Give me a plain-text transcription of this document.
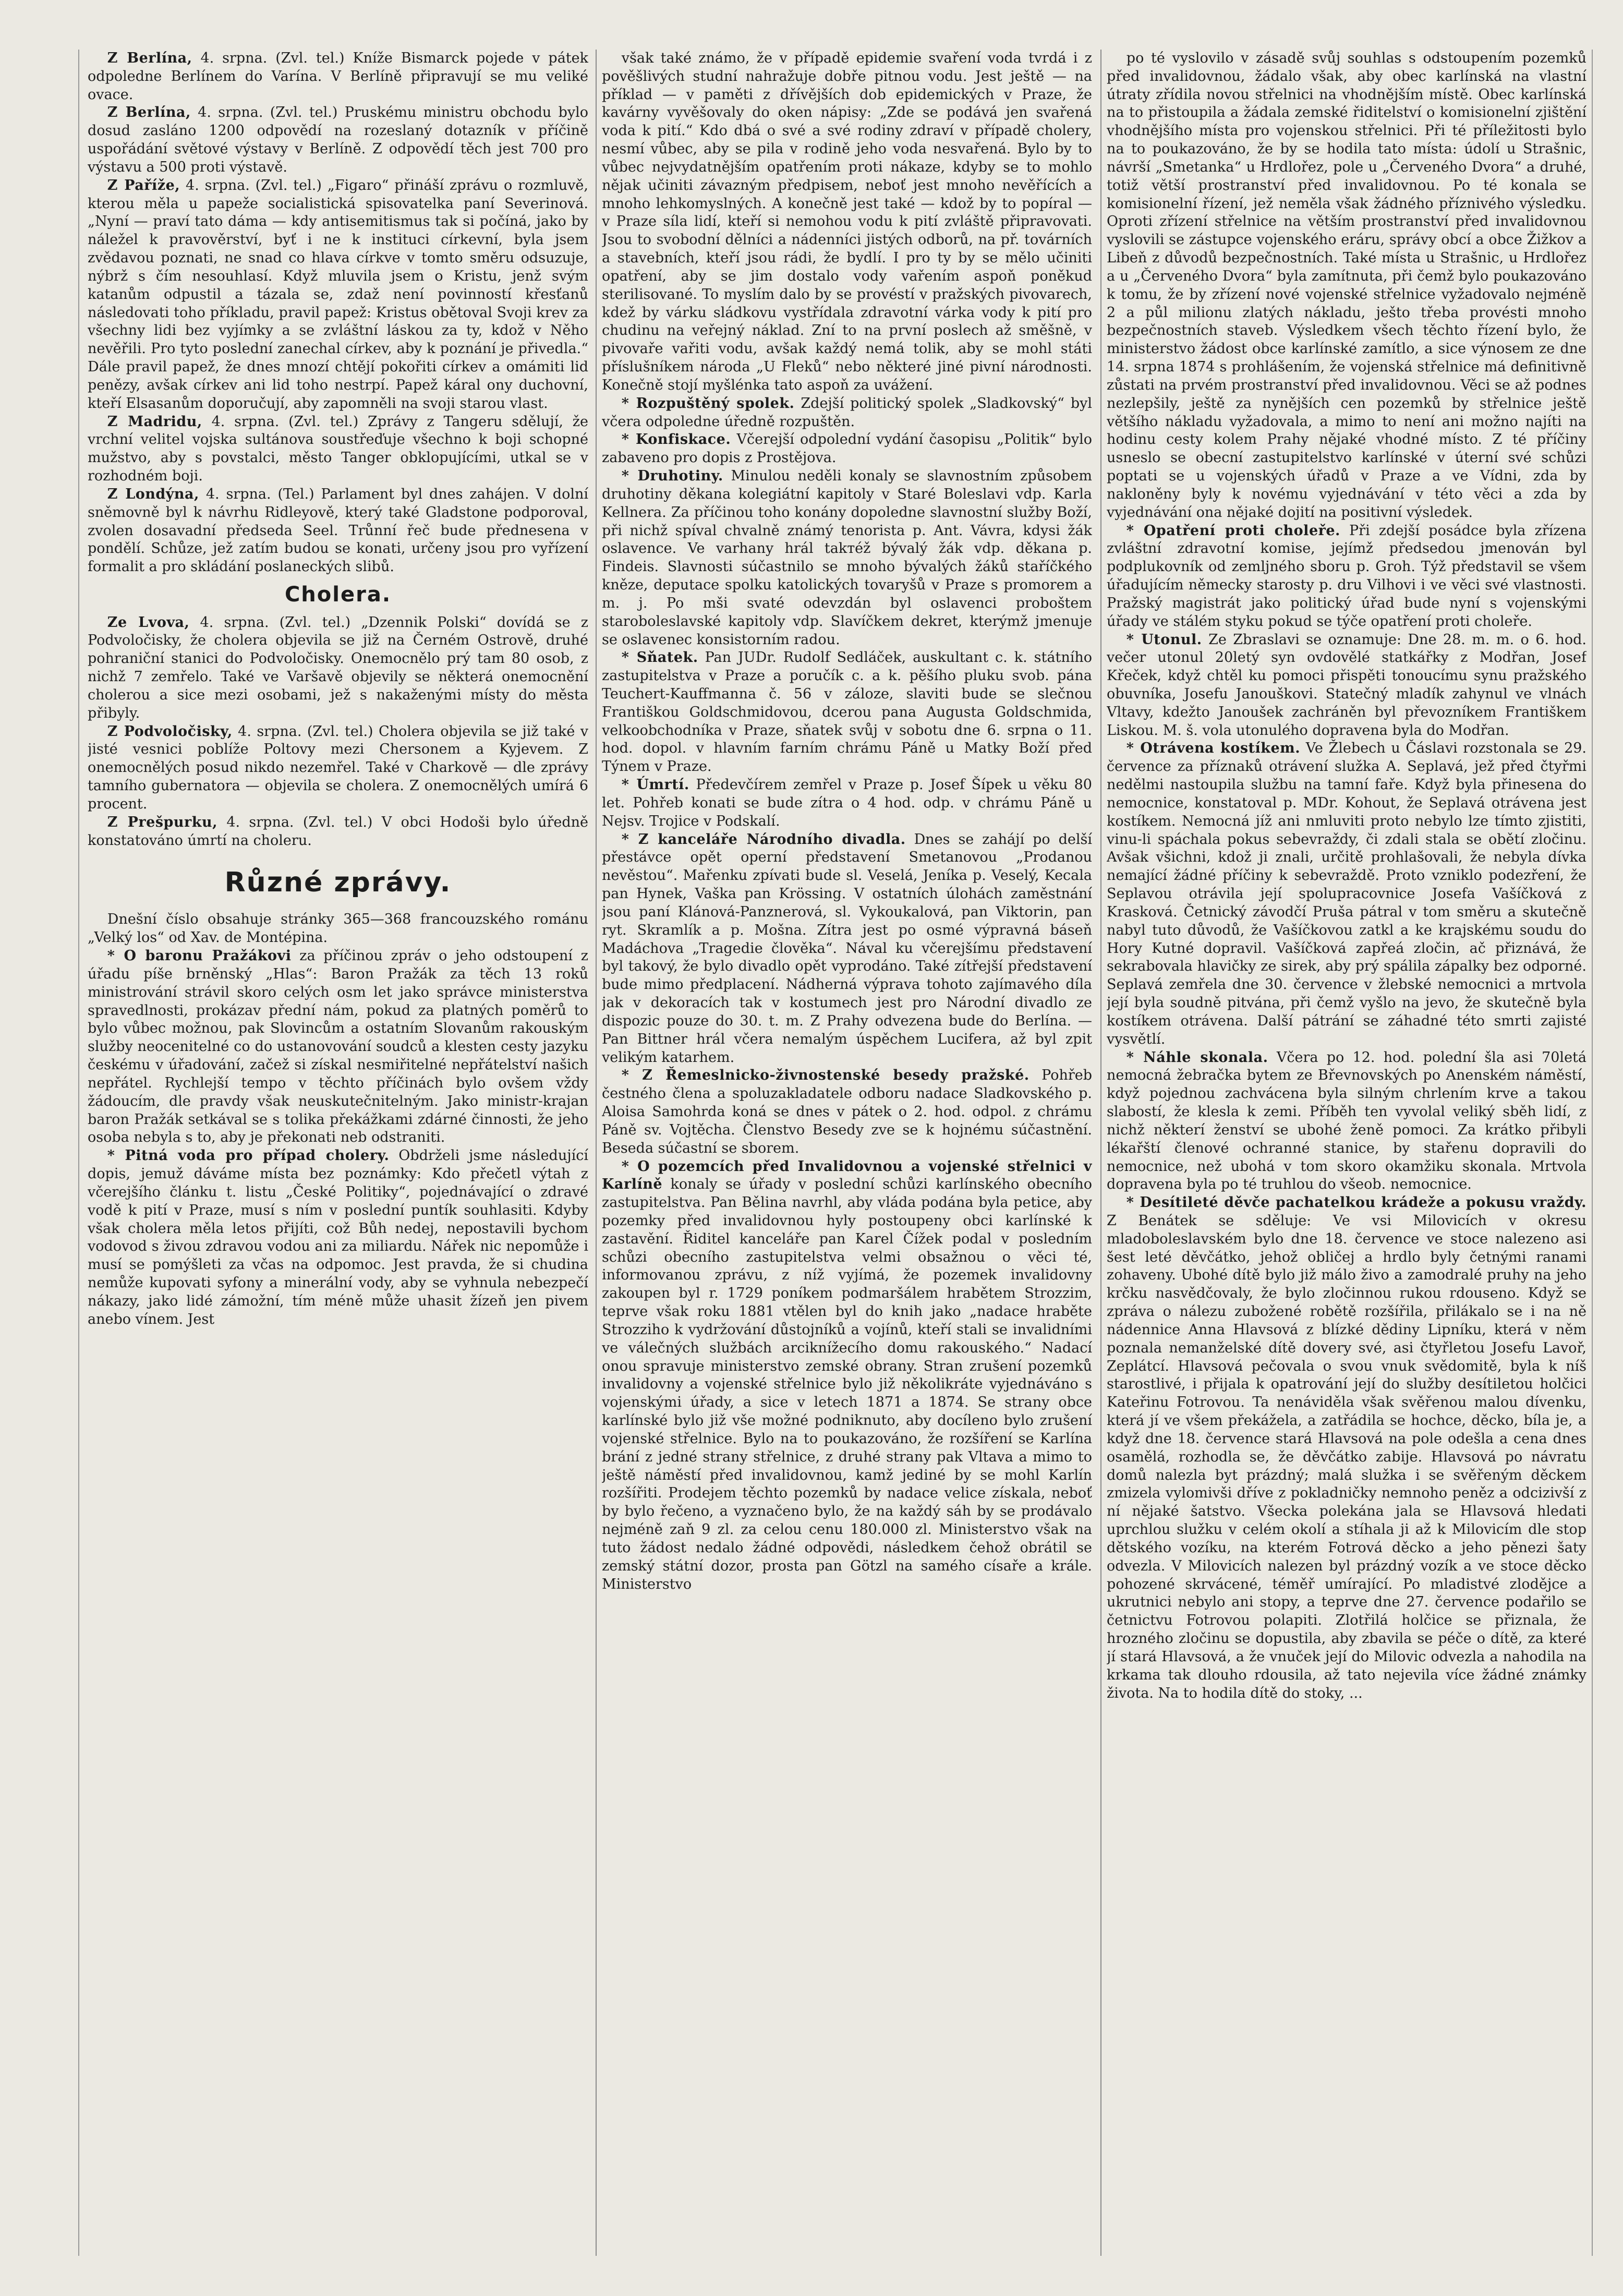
Z Berlína, 4. srpna. (Zvl. tel.) Kníže Bismarck pojede v pátek odpoledne Berlínem do Varína. V Berlíně připravují se mu veliké ovace.

Z Berlína, 4. srpna. (Zvl. tel.) Pruskému ministru obchodu bylo dosud zasláno 1200 odpovědí na rozeslaný dotazník v příčině uspořádání světové výstavy v Berlíně. Z odpovědí těch jest 700 pro výstavu a 500 proti výstavě.

Z Paříže, 4. srpna. (Zvl. tel.) „Figaro“ přináší zprávu o rozmluvě, kterou měla u papeže socialistická spisovatelka paní Severinová. „Nyní — praví tato dáma — kdy antisemitismus tak si počíná, jako by náležel k pravověrství, byť i ne k instituci církevní, byla jsem zvědavou poznati, ne snad co hlava církve v tomto směru odsuzuje, nýbrž s čím nesouhlasí. Když mluvila jsem o Kristu, jenž svým katanům odpustil a tázala se, zdaž není povinností křesťanů následovati toho příkladu, pravil papež: Kristus obětoval Svoji krev za všechny lidi bez vyjímky a se zvláštní láskou za ty, kdož v Něho nevěřili. Pro tyto poslední zanechal církev, aby k poznání je přivedla.“ Dále pravil papež, že dnes mnozí chtějí pokořiti církev a omámiti lid penězy, avšak církev ani lid toho nestrpí. Papež káral ony duchovní, kteří Elsasanům doporučují, aby zapomněli na svoji starou vlast.

Z Madridu, 4. srpna. (Zvl. tel.) Zprávy z Tangeru sdělují, že vrchní velitel vojska sultánova soustřeďuje všechno k boji schopné mužstvo, aby s povstalci, město Tanger obklopujícími, utkal se v rozhodném boji.

Z Londýna, 4. srpna. (Tel.) Parlament byl dnes zahájen. V dolní sněmovně byl k návrhu Ridleyově, který také Gladstone podporoval, zvolen dosavadní předseda Seel. Trůnní řeč bude přednesena v pondělí. Schůze, jež zatím budou se konati, určeny jsou pro vyřízení formalit a pro skládání poslaneckých slibů.

Cholera.

Ze Lvova, 4. srpna. (Zvl. tel.) „Dzennik Polski“ dovídá se z Podvoločisky, že cholera objevila se již na Černém Ostrově, druhé pohraniční stanici do Podvoločisky. Onemocnělo prý tam 80 osob, z nichž 7 zemřelo. Také ve Varšavě objevily se některá onemocnění cholerou a sice mezi osobami, jež s nakaženými místy do města přibyly.

Z Podvoločisky, 4. srpna. (Zvl. tel.) Cholera objevila se již také v jisté vesnici poblíže Poltovy mezi Chersonem a Kyjevem. Z onemocnělých posud nikdo nezemřel. Také v Charkově — dle zprávy tamního gubernatora — objevila se cholera. Z onemocnělých umírá 6 procent.

Z Prešpurku, 4. srpna. (Zvl. tel.) V obci Hodoši bylo úředně konstatováno úmrtí na choleru.

Různé zprávy.

Dnešní číslo obsahuje stránky 365—368 francouzského románu „Velký los“ od Xav. de Montépina.

* O baronu Pražákovi za příčinou zpráv o jeho odstoupení z úřadu píše brněnský „Hlas“: Baron Pražák za těch 13 roků ministrování strávil skoro celých osm let jako správce ministerstva spravedlnosti, prokázav přední nám, pokud za platných poměrů to bylo vůbec možnou, pak Slovincům a ostatním Slovanům rakouským služby neocenitelné co do ustanovování soudců a klesten cesty jazyku českému v úřadování, začež si získal nesmiřitelné nepřátelství našich nepřátel. Rychlejší tempo v těchto příčinách bylo ovšem vždy žádoucím, dle pravdy však neuskutečnitelným. Jako ministr-krajan baron Pražák setkával se s tolika překážkami zdárné činnosti, že jeho osoba nebyla s to, aby je překonati neb odstraniti.

* Pitná voda pro případ cholery. Obdrželi jsme následující dopis, jemuž dáváme místa bez poznámky: Kdo přečetl výtah z včerejšího článku t. listu „České Politiky“, pojednávající o zdravé vodě k pití v Praze, musí s ním v poslední puntík souhlasiti. Kdyby však cholera měla letos přijíti, což Bůh nedej, nepostavili bychom vodovod s živou zdravou vodou ani za miliardu. Nářek nic nepomůže i musí se pomýšleti za včas na odpomoc. Jest pravda, že si chudina nemůže kupovati syfony a minerální vody, aby se vyhnula nebezpečí nákazy, jako lidé zámožní, tím méně může uhasit žízeň jen pivem anebo vínem. Jest

však také známo, že v případě epidemie svaření voda tvrdá i z pověšlivých studní nahražuje dobře pitnou vodu. Jest ještě — na příklad — v paměti z dřívějších dob epidemických v Praze, že kavárny vyvěšovaly do oken nápisy: „Zde se podává jen svařená voda k pití.“ Kdo dbá o své a své rodiny zdraví v případě cholery, nesmí vůbec, aby se pila v rodině jeho voda nesvařená. Bylo by to vůbec nejvydatnějším opatřením proti nákaze, kdyby se to mohlo nějak učiniti závazným předpisem, neboť jest mnoho nevěřících a mnoho lehkomyslných. A konečně jest také — kdož by to popíral — v Praze síla lidí, kteří si nemohou vodu k pití zvláště připravovati. Jsou to svobodní dělníci a nádenníci jistých odborů, na př. továrních a stavebních, kteří jsou rádi, že bydlí. I pro ty by se mělo učiniti opatření, aby se jim dostalo vody vařením aspoň poněkud sterilisované. To myslím dalo by se provéstí v pražských pivovarech, kdež by várku sládkovu vystřídala zdravotní várka vody k pití pro chudinu na veřejný náklad. Zní to na první poslech až směšně, v pivovaře vařiti vodu, avšak každý nemá tolik, aby se mohl státi příslušníkem národa „U Fleků“ nebo některé jiné pivní národnosti. Konečně stojí myšlénka tato aspoň za uvážení.

* Rozpuštěný spolek. Zdejší politický spolek „Sladkovský“ byl včera odpoledne úředně rozpuštěn.

* Konfiskace. Včerejší odpolední vydání časopisu „Politik“ bylo zabaveno pro dopis z Prostějova.

* Druhotiny. Minulou neděli konaly se slavnostním způsobem druhotiny děkana kolegiátní kapitoly v Staré Boleslavi vdp. Karla Kellnera. Za příčinou toho konány dopoledne slavnostní služby Boží, při nichž spíval chvalně známý tenorista p. Ant. Vávra, kdysi žák oslavence. Ve varhany hrál takтéž bývalý žák vdp. děkana p. Findeis. Slavnosti súčastnilo se mnoho bývalých žáků staříčkého kněze, deputace spolku katolických tovaryšů v Praze s promorem a m. j. Po mši svaté odevzdán byl oslavenci proboštem staroboleslavské kapitoly vdp. Slavíčkem dekret, kterýmž jmenuje se oslavenec konsistorním radou.

* Sňatek. Pan JUDr. Rudolf Sedláček, auskultant c. k. státního zastupitelstva v Praze a poručík c. a k. pěšího pluku svob. pána Teuchert-Kauffmanna č. 56 v záloze, slaviti bude se slečnou Františkou Goldschmidovou, dcerou pana Augusta Goldschmida, velkoobchodníka v Praze, sňatek svůj v sobotu dne 6. srpna o 11. hod. dopol. v hlavním farním chrámu Páně u Matky Boží před Týnem v Praze.

* Úmrtí. Předevčírem zemřel v Praze p. Josef Šípek u věku 80 let. Pohřeb konati se bude zítra o 4 hod. odp. v chrámu Páně u Nejsv. Trojice v Podskalí.

* Z kanceláře Národního divadla. Dnes se zahájí po delší přestávce opět operní představení Smetanovou „Prodanou nevěstou“. Mařenku zpívati bude sl. Veselá, Jeníka p. Veselý, Kecala pan Hynek, Vaška pan Krössing. V ostatních úlohách zaměstnání jsou paní Klánová-Panznerová, sl. Vykoukalová, pan Viktorin, pan ryt. Skramlík a p. Mošna. Zítra jest po osmé výpravná báseň Madáchova „Tragedie člověka“. Nával ku včerejšímu představení byl takový, že bylo divadlo opět vyprodáno. Také zítřejší představení bude mimo předplacení. Nádherná výprava tohoto zajímavého díla jak v dekoracích tak v kostumech jest pro Národní divadlo ze dispozic pouze do 30. t. m. Z Prahy odvezena bude do Berlína. — Pan Bittner hrál včera nemalým úspěchem Lucifera, až byl zpit velikým katarhem.

* Z Řemeslnicko-živnostenské besedy pražské. Pohřeb čestného člena a spoluzakladatele odboru nadace Sladkovského p. Aloisa Samohrda koná se dnes v pátek o 2. hod. odpol. z chrámu Páně sv. Vojtěcha. Členstvo Besedy zve se k hojnému súčastnění. Beseda súčastní se sborem.

* O pozemcích před Invalidovnou a vojenské střelnici v Karlíně konaly se úřady v poslední schůzi karlínského obecního zastupitelstva. Pan Bělina navrhl, aby vláda podána byla petice, aby pozemky před invalidovnou hyly postoupeny obci karlínské k zastavění. Řiditel kanceláře pan Karel Čížek podal v posledním schůzi obecního zastupitelstva velmi obsažnou o věci té, informovanou zprávu, z níž vyjímá, že pozemek invalidovny zakoupen byl r. 1729 poníkem podmaršálem hrabětem Strozzim, teprve však roku 1881 vtělen byl do knih jako „nadace hraběte Strozziho k vydržování důstojníků a vojínů, kteří stali se invalidními ve válečných službách arciknížecího domu rakouského.“ Nadací onou spravuje ministerstvo zemské obrany. Stran zrušení pozemků invalidovny a vojenské střelnice bylo již několikráte vyjednáváno s vojenskými úřady, a sice v letech 1871 a 1874. Se strany obce karlínské bylo již vše možné podniknuto, aby docíleno bylo zrušení vojenské střelnice. Bylo na to poukazováno, že rozšíření se Karlína brání z jedné strany střelnice, z druhé strany pak Vltava a mimo to ještě náměstí před invalidovnou, kamž jediné by se mohl Karlín rozšířiti. Prodejem těchto pozemků by nadace velice získala, neboť by bylo řečeno, a vyznačeno bylo, že na každý sáh by se prodávalo nejméně zaň 9 zl. za celou cenu 180.000 zl. Ministerstvo však na tuto žádost nedalo žádné odpovědi, následkem čehož obrátil se zemský státní dozor, prosta pan Götzl na samého císaře a krále. Ministerstvo

po té vyslovilo v zásadě svůj souhlas s odstoupením pozemků před invalidovnou, žádalo však, aby obec karlínská na vlastní útraty zřídila novou střelnici na vhodnějším místě. Obec karlínská na to přistoupila a žádala zemské řiditelství o komisionelní zjištění vhodnějšího místa pro vojenskou střelnici. Při té příležitosti bylo na to poukazováno, že by se hodila tato místa: údolí u Strašnic, návrší „Smetanka“ u Hrdlořez, pole u „Červeného Dvora“ a druhé, totiž větší prostranství před invalidovnou. Po té konala se komisionelní řízení, jež neměla však žádného příznivého výsledku. Oproti zřízení střelnice na větším prostranství před invalidovnou vyslovili se zástupce vojenského eráru, správy obcí a obce Žižkov a Libeň z důvodů bezpečnostních. Také místa u Strašnic, u Hrdlořez a u „Červeného Dvora“ byla zamítnuta, při čemž bylo poukazováno k tomu, že by zřízení nové vojenské střelnice vyžadovalo nejméně 2 a půl milionu zlatých nákladu, ješto třeba provésti mnoho bezpečnostních staveb. Výsledkem všech těchto řízení bylo, že ministerstvo žádost obce karlínské zamítlo, a sice výnosem ze dne 14. srpna 1874 s prohlášením, že vojenská střelnice má definitivně zůstati na prvém prostranství před invalidovnou. Věci se až podnes nezlepšily, ještě za nynějších cen pozemků by střelnice ještě většího nákladu vyžadovala, a mimo to není ani možno najíti na hodinu cesty kolem Prahy nějaké vhodné místo. Z té příčiny usneslo se obecní zastupitelstvo karlínské v úterní své schůzi poptati se u vojenských úřadů v Praze a ve Vídni, zda by nakloněny byly k novému vyjednávání v této věci a zda by vyjednávání ona nějaké dojití na positivní výsledek.

* Opatření proti choleře. Při zdejší posádce byla zřízena zvláštní zdravotní komise, jejímž předsedou jmenován byl podplukovník od zemljného sboru p. Groh. Týž představil se všem úřadujícím německy starosty p. dru Vilhovi i ve věci své vlastnosti. Pražský magistrát jako politický úřad bude nyní s vojenskými úřady ve stálém styku pokud se týče opatření proti choleře.

* Utonul. Ze Zbraslavi se oznamuje: Dne 28. m. m. o 6. hod. večer utonul 20letý syn ovdovělé statkářky z Modřan, Josef Křeček, když chtěl ku pomoci přispěti tonoucímu synu pražského obuvníka, Josefu Janouškovi. Statečný mladík zahynul ve vlnách Vltavy, kdežto Janoušek zachráněn byl převozníkem Františkem Liskou. M. š. vola utonulého dopravena byla do Modřan.

* Otrávena kostíkem. Ve Žlebech u Čáslavi rozstonala se 29. července za příznaků otrávení služka A. Seplavá, jež před čtyřmi nedělmi nastoupila službu na tamní faře. Když byla přinesena do nemocnice, konstatoval p. MDr. Kohout, že Seplavá otrávena jest kostíkem. Nemocná jíž ani nmluviti proto nebylo lze tímto zjistiti, vinu-li spáchala pokus sebevraždy, či zdali stala se obětí zločinu. Avšak všichni, kdož ji znali, určitě prohlašovali, že nebyla dívka nemající žádné příčiny k sebevraždě. Proto vzniklo podezření, že Seplavou otrávila její spolupracovnice Josefa Vašíčková z Krasková. Četnický závodčí Pruša pátral v tom směru a skutečně nabyl tuto důvodů, že Vašíčkovou zatkl a ke krajskému soudu do Hory Kutné dopravil. Vašíčková zapřeá zločin, ač přiznává, že sekrabovala hlavičky ze sirek, aby prý spálila zápalky bez odporné. Seplavá zemřela dne 30. července v žlebské nemocnici a mrtvola její byla soudně pitvána, při čemž vyšlo na jevo, že skutečně byla kostíkem otrávena. Další pátrání se záhadné této smrti zajisté vysvětlí.

* Náhle skonala. Včera po 12. hod. polední šla asi 70letá nemocná žebračka bytem ze Břevnovských po Anenském náměstí, když pojednou zachvácena byla silným chrlením krve a takou slabostí, že klesla k zemi. Příběh ten vyvolal veliký sběh lidí, z nichž některí ženství se ubohé ženě pomoci. Za krátko přibyli lékařští členové ochranné stanice, by stařenu dopravili do nemocnice, než ubohá v tom skoro okamžiku skonala. Mrtvola dopravena byla po té truhlou do všeob. nemocnice.

* Desítileté děvče pachatelkou krádeže a pokusu vraždy. Z Benátek se sděluje: Ve vsi Milovicích v okresu mladoboleslavském bylo dne 18. července ve stoce nalezeno asi šest leté děvčátko, jehož obličej a hrdlo byly četnými ranami zohaveny. Ubohé dítě bylo již málo živo a zamodralé pruhy na jeho krčku nasvědčovaly, že bylo zločinnou rukou rdouseno. Když se zpráva o nálezu zubožené robětě rozšířila, přilákalo se i na ně nádennice Anna Hlavsová z blízké dědiny Lipníku, která v něm poznala nemanželské dítě dovery své, asi čtyřletou Josefu Lavoř, Zeplátcí. Hlavsová pečovala o svou vnuk svědomitě, byla k níš starostlivé, i přijala k opatrování její do služby desítiletou holčici Kateřinu Fotrovou. Ta nenáviděla však svěřenou malou dívenku, která jí ve všem překážela, a zatřádila se hochce, děcko, bíla je, a když dne 18. července stará Hlavsová na pole odešla a cena dnes osamělá, rozhodla se, že děvčátko zabije. Hlavsová po návratu domů nalezla byt prázdný; malá služka i se svěřeným děckem zmizela vylomivši dříve z pokladničky nemnoho peněz a odcizivší z ní nějaké šatstvo. Všecka polekána jala se Hlavsová hledati uprchlou služku v celém okolí a stíhala ji až k Milovicím dle stop dětského vozíku, na kterém Fotrová děcko a jeho pěnezi šaty odvezla. V Milovicích nalezen byl prázdný vozík a ve stoce děcko pohozené skrvácené, téměř umírající. Po mladistvé zlodějce a ukrutnici nebylo ani stopy, a teprve dne 27. července podařilo se četnictvu Fotrovou polapiti. Zlotřilá holčice se přiznala, že hrozného zločinu se dopustila, aby zbavila se péče o dítě, za které jí stará Hlavsová, a že vnuček její do Milovic odvezla a nahodila na krkama tak dlouho rdousila, až tato nejevila více žádné známky života. Na to hodila dítě do stoky, ...
